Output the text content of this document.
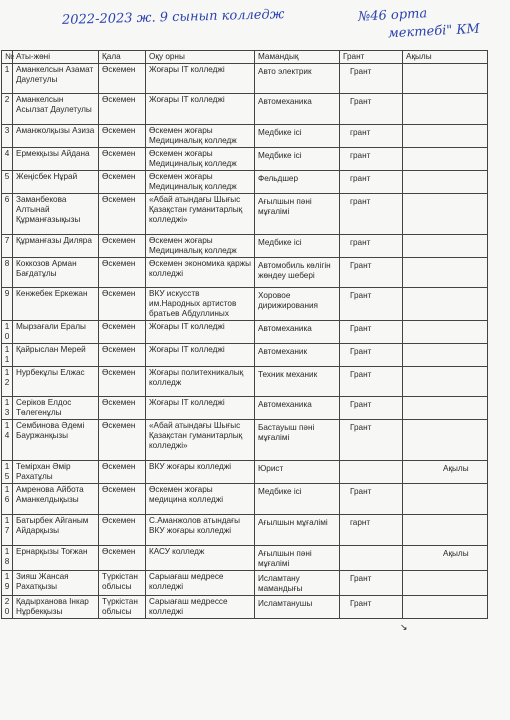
2022-2023 ж. 9 сынып колледж	№46 орта
мектебі" КМ
№	Аты-жөні	Қала	Оқу орны	Мамандық	Грант	Ақылы
1	Аманкелсын Азамат Даулетулы	Өскемен	Жоғары IT колледжі	Авто электрик	Грант	
2	Аманкелсын Асылзат Даулетулы	Өскемен	Жоғары IT колледжі	Автомеханика	Грант	
3	Аманжолқызы Азиза	Өскемен	Өскемен жоғары Медициналық колледж	Медбике ісі	грант	
4	Ермекқызы Айдана	Өскемен	Өскемен жоғары Медициналық колледж	Медбике ісі	грант	
5	Жеңісбек Нұрай	Өскемен	Өскемен жоғары Медициналық колледж	Фельдшер	грант	
6	Заманбекова Алтынай Құрманғазықызы	Өскемен	«Абай атындағы Шығыс Қазақстан гуманитарлық колледжі»	Ағылшын пәні мұғалімі	грант	
7	Құрманғазы Диляра	Өскемен	Өскемен жоғары Медициналық колледж	Медбике ісі	грант	
8	Коккозов Арман Бағдатұлы	Өскемен	Өскемен экономика қаржы колледжі	Автомобиль көлігін жөндеу шебері	Грант	
9	Кенжебек Еркежан	Өскемен	ВКУ искусств им.Народных артистов братьев Абдуллиных	Хоровое дирижирования	Грант	
10	Мырзағали Ералы	Өскемен	Жоғары IT колледжі	Автомеханика	Грант	
11	Қайрыслан Мерей	Өскемен	Жоғары IT колледжі	Автомеханик	Грант	
12	Нурбекұлы Елжас	Өскемен	Жоғары политехникалық колледж	Техник механик	Грант	
13	Серіков Елдос Төлегенұлы	Өскемен	Жоғары IT колледжі	Автомеханика	Грант	
14	Сембинова Әдемі Бауржанқызы	Өскемен	«Абай атындағы Шығыс Қазақстан гуманитарлық колледжі»	Бастауыш пәні мұғалімі	Грант	
15	Темірхан Әмір Рахатұлы	Өскемен	ВКУ жоғары колледжі	Юрист		Ақылы
16	Амренова Айбота Аманкелдықызы	Өскемен	Өскемен жоғары медицина колледжі	Медбике ісі	Грант	
17	Батырбек Айганым Айдарқызы	Өскемен	С.Аманжолов атындағы ВКУ жоғары колледжі	Ағылшын мұғалімі	гарнт	
18	Ернарқызы Тоғжан	Өскемен	КАСУ колледж	Ағылшын пәні мұғалімі		Ақылы
19	Зияш Жансая Рахатқызы	Түркістан облысы	Сарыағаш медресе колледжі	Исламтану мамандығы	Грант	
20	Қадырханова Інкар Нұрбекқызы	Түркістан облысы	Сарыағаш медрессе колледжі	Исламтанушы	Грант	
↘
